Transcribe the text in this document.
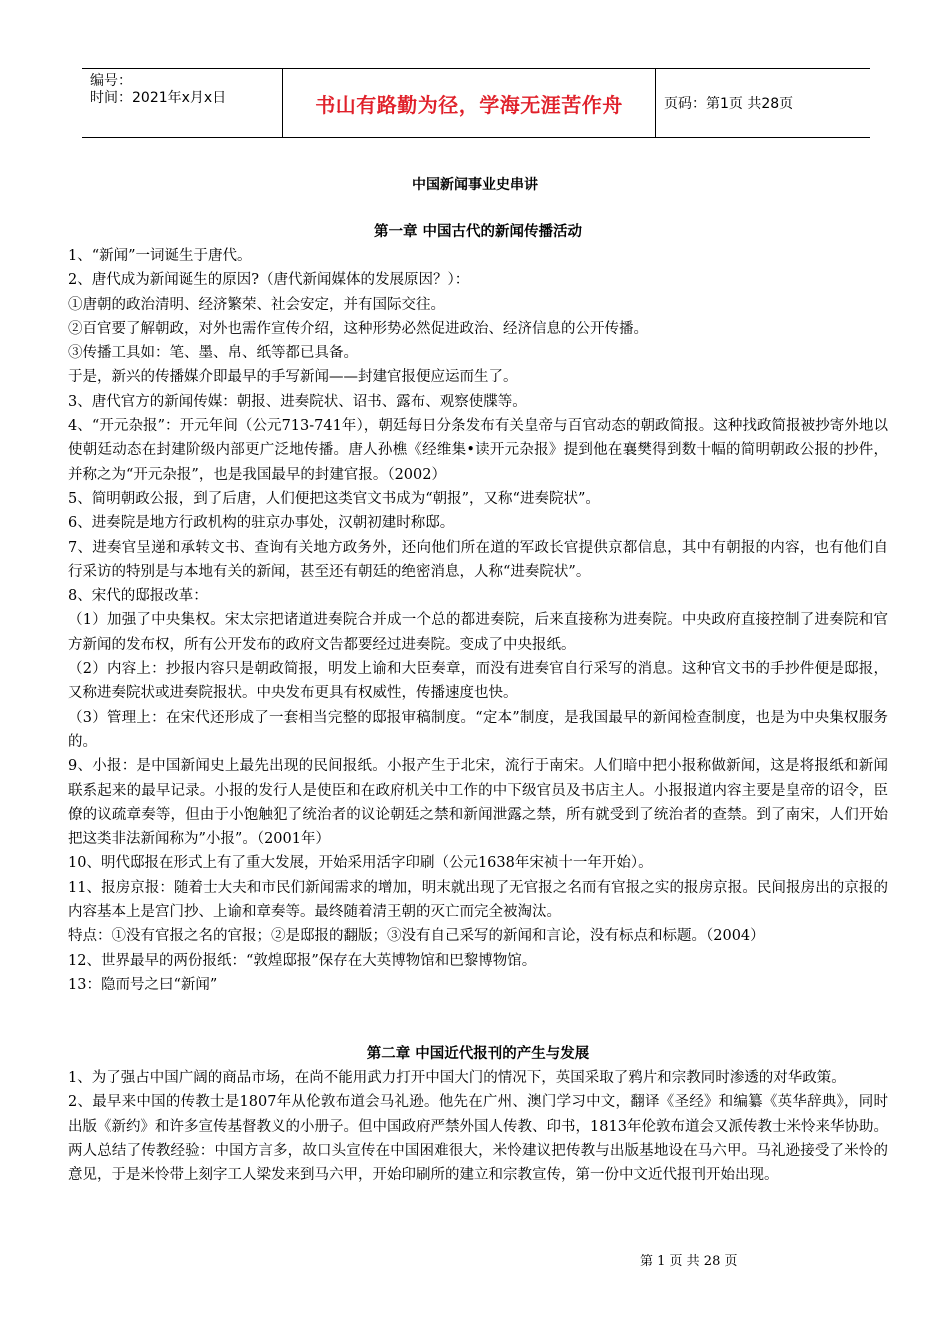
编号：
时间：2021年x月x日	书山有路勤为径，学海无涯苦作舟	页码：第1页 共28页
中国新闻事业史串讲
第一章 中国古代的新闻传播活动

1、“新闻”一词诞生于唐代。

2、唐代成为新闻诞生的原因?（唐代新闻媒体的发展原因？）：

①唐朝的政治清明、经济繁荣、社会安定，并有国际交往。

②百官要了解朝政，对外也需作宣传介绍，这种形势必然促进政治、经济信息的公开传播。

③传播工具如：笔、墨、帛、纸等都已具备。

于是，新兴的传播媒介即最早的手写新闻——封建官报便应运而生了。

3、唐代官方的新闻传媒：朝报、进奏院状、诏书、露布、观察使牒等。

4、“开元杂报”：开元年间（公元713-741年），朝廷每日分条发布有关皇帝与百官动态的朝政简报。这种找政简报被抄寄外地以使朝廷动态在封建阶级内部更广泛地传播。唐人孙樵《经维集•读开元杂报》提到他在襄樊得到数十幅的简明朝政公报的抄件，并称之为“开元杂报”，也是我国最早的封建官报。（2002）

5、简明朝政公报，到了后唐，人们便把这类官文书成为“朝报”，又称“进奏院状”。

6、进奏院是地方行政机构的驻京办事处，汉朝初建时称邸。

7、进奏官呈递和承转文书、查询有关地方政务外，还向他们所在道的军政长官提供京都信息，其中有朝报的内容，也有他们自行采访的特别是与本地有关的新闻，甚至还有朝廷的绝密消息，人称“进奏院状”。

8、宋代的邸报改革：

（1）加强了中央集权。宋太宗把诸道进奏院合并成一个总的都进奏院，后来直接称为进奏院。中央政府直接控制了进奏院和官方新闻的发布权，所有公开发布的政府文告都要经过进奏院。变成了中央报纸。

（2）内容上：抄报内容只是朝政简报，明发上谕和大臣奏章，而没有进奏官自行采写的消息。这种官文书的手抄件便是邸报，又称进奏院状或进奏院报状。中央发布更具有权威性，传播速度也快。

（3）管理上：在宋代还形成了一套相当完整的邸报审稿制度。“定本”制度，是我国最早的新闻检查制度，也是为中央集权服务的。

9、小报：是中国新闻史上最先出现的民间报纸。小报产生于北宋，流行于南宋。人们暗中把小报称做新闻，这是将报纸和新闻联系起来的最早记录。小报的发行人是使臣和在政府机关中工作的中下级官员及书店主人。小报报道内容主要是皇帝的诏令，臣僚的议疏章奏等，但由于小饱触犯了统治者的议论朝廷之禁和新闻泄露之禁，所有就受到了统治者的查禁。到了南宋，人们开始把这类非法新闻称为”小报”。（2001年）

10、明代邸报在形式上有了重大发展，开始采用活字印刷（公元1638年宋祯十一年开始）。

11、报房京报：随着士大夫和市民们新闻需求的增加，明末就出现了无官报之名而有官报之实的报房京报。民间报房出的京报的内容基本上是宫门抄、上谕和章奏等。最终随着清王朝的灭亡而完全被淘汰。

特点：①没有官报之名的官报；②是邸报的翻版；③没有自己采写的新闻和言论，没有标点和标题。（2004）

12、世界最早的两份报纸：“敦煌邸报”保存在大英博物馆和巴黎博物馆。

13：隐而号之曰“新闻”

第二章 中国近代报刊的产生与发展

1、为了强占中国广阔的商品市场，在尚不能用武力打开中国大门的情况下，英国采取了鸦片和宗教同时渗透的对华政策。

2、最早来中国的传教士是1807年从伦敦布道会马礼逊。他先在广州、澳门学习中文，翻译《圣经》和编纂《英华辞典》，同时出版《新约》和许多宣传基督教义的小册子。但中国政府严禁外国人传教、印书，1813年伦敦布道会又派传教士米怜来华协助。两人总结了传教经验：中国方言多，故口头宣传在中国困难很大，米怜建议把传教与出版基地设在马六甲。马礼逊接受了米怜的意见，于是米怜带上刻字工人梁发来到马六甲，开始印刷所的建立和宗教宣传，第一份中文近代报刊开始出现。

第 1 页 共 28 页
